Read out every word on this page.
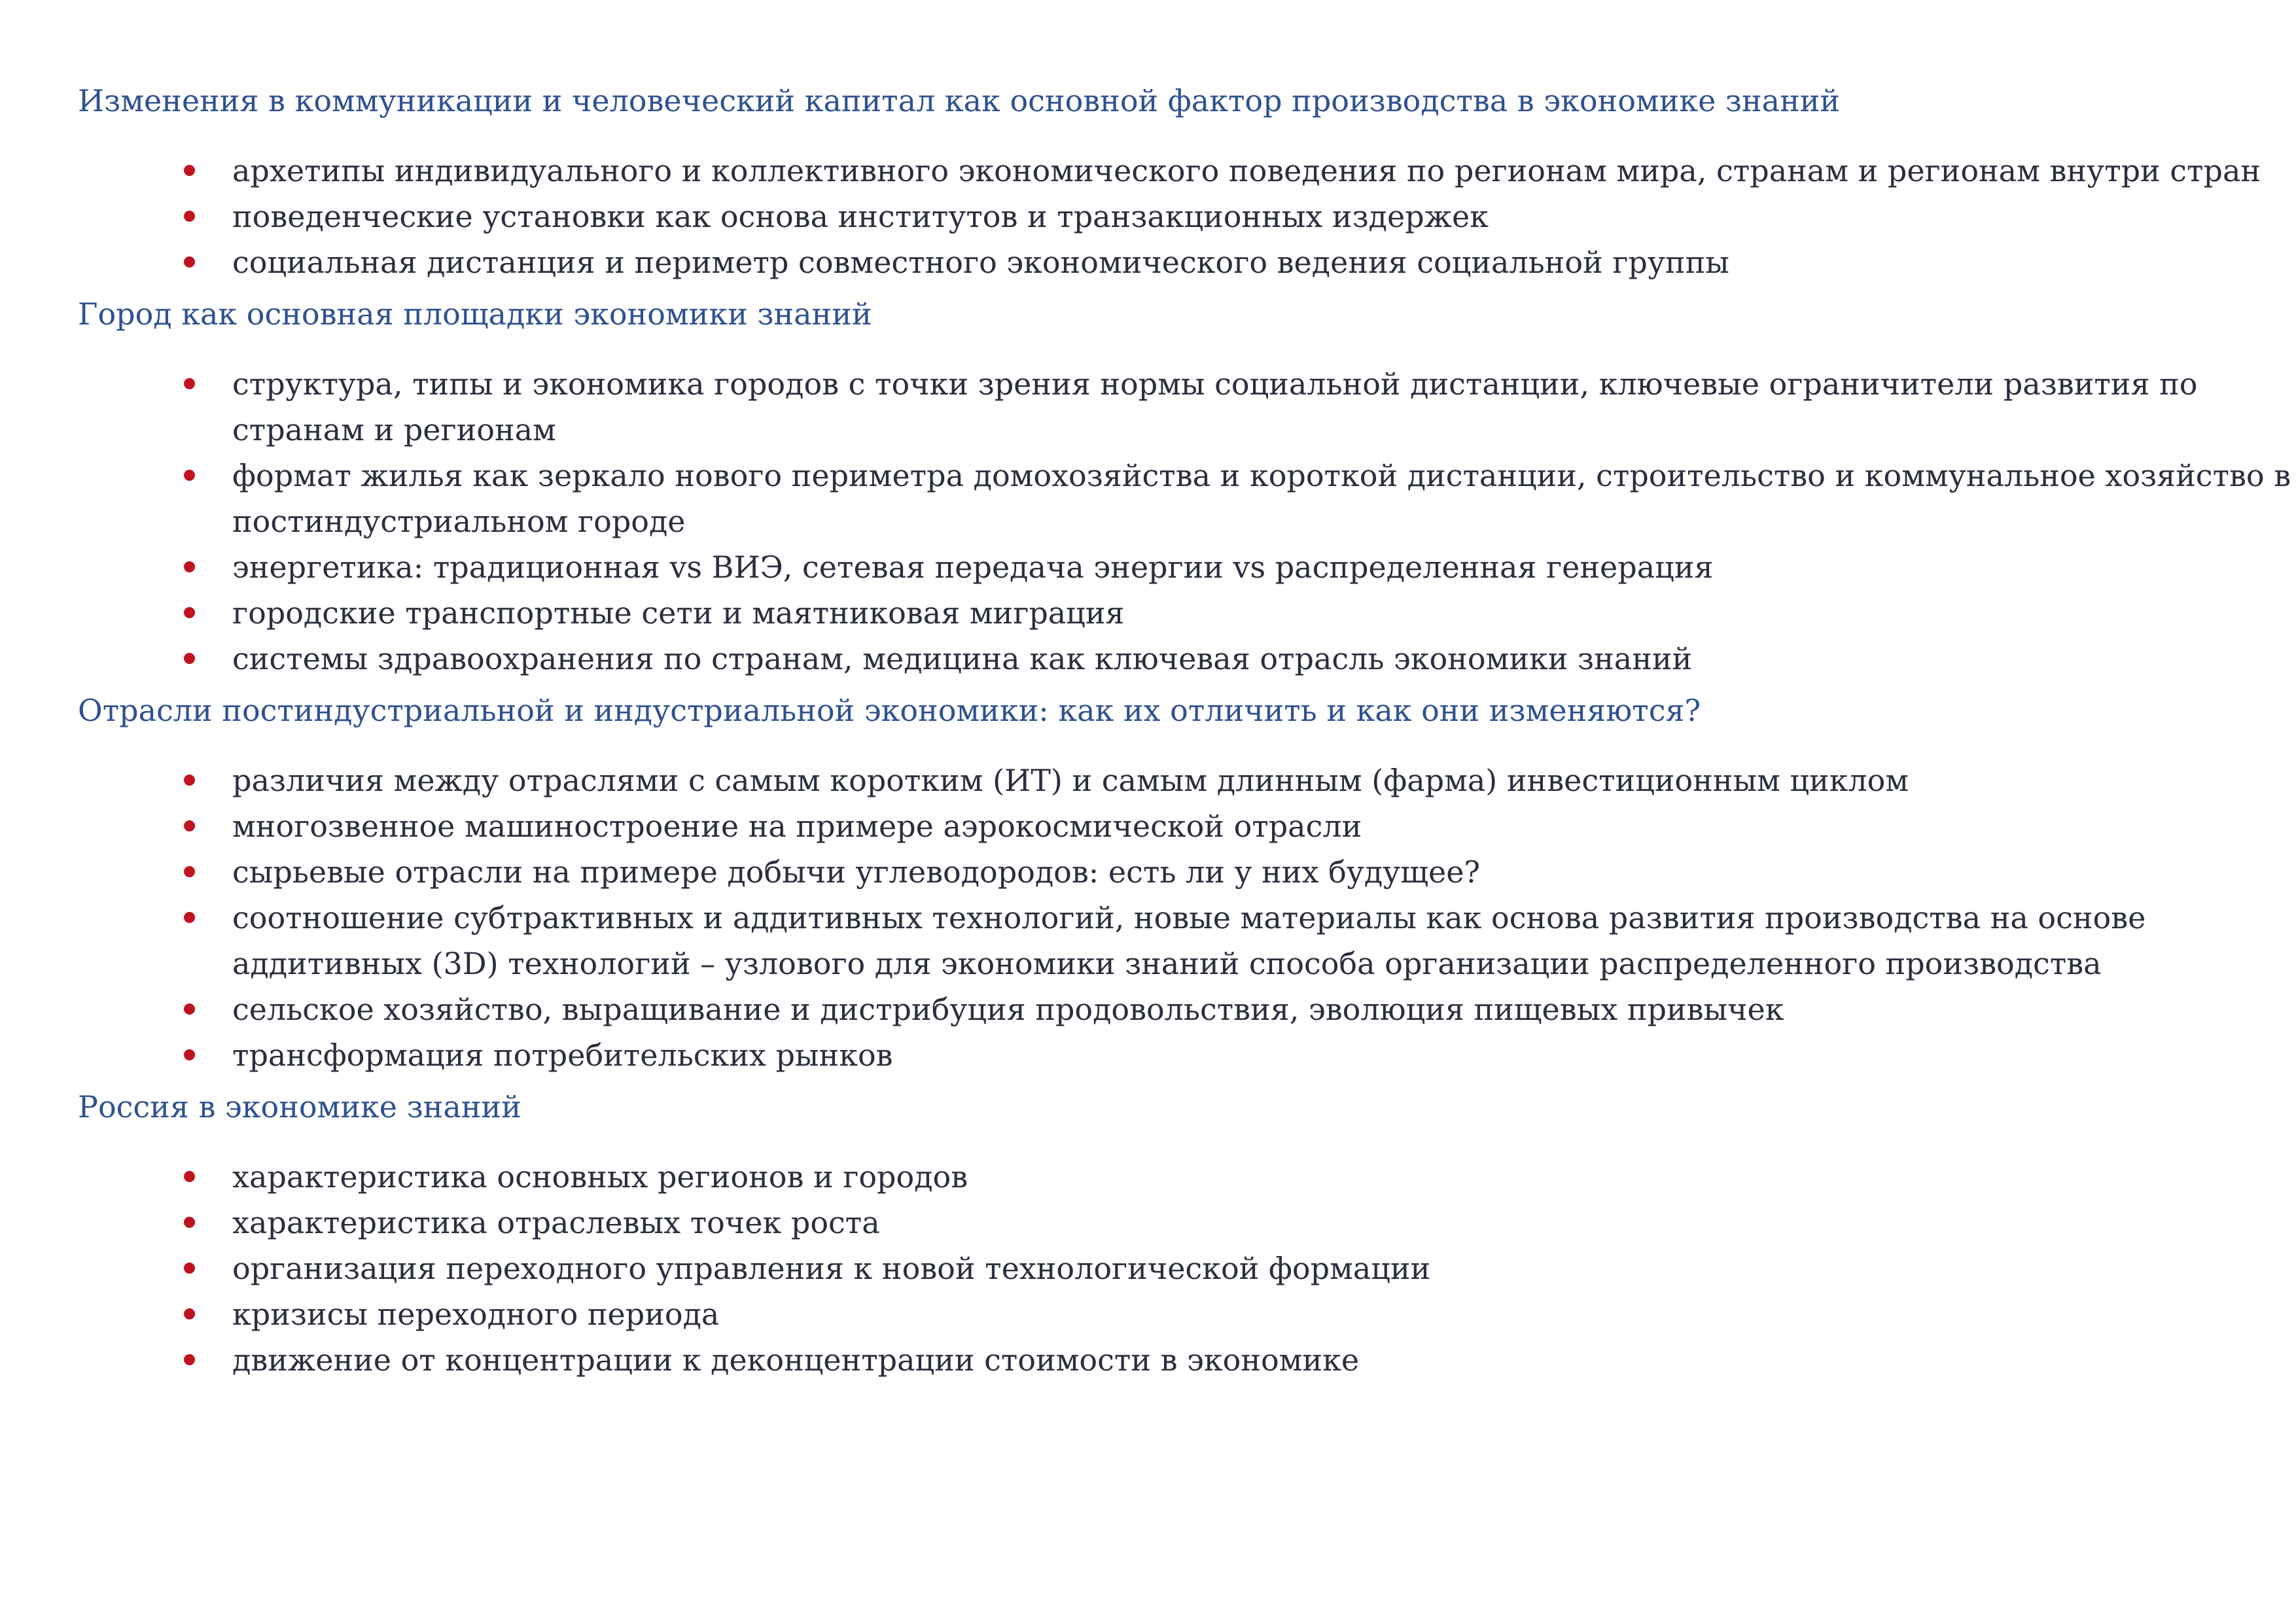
Изменения в коммуникации и человеческий капитал как основной фактор производства в экономике знаний
архетипы индивидуального и коллективного экономического поведения по регионам мира, странам и регионам внутри стран
поведенческие установки как основа институтов и транзакционных издержек
социальная дистанция и периметр совместного экономического ведения социальной группы
Город как основная площадки экономики знаний
структура, типы и экономика городов с точки зрения нормы социальной дистанции, ключевые ограничители развития по странам и регионам
формат жилья как зеркало нового периметра домохозяйства и короткой дистанции, строительство и коммунальное хозяйство в постиндустриальном городе
энергетика: традиционная vs ВИЭ, сетевая передача энергии vs распределенная генерация
городские транспортные сети и маятниковая миграция
системы здравоохранения по странам, медицина как ключевая отрасль экономики знаний
Отрасли постиндустриальной и индустриальной экономики: как их отличить и как они изменяются?
различия между отраслями с самым коротким (ИТ) и самым длинным (фарма) инвестиционным циклом
многозвенное машиностроение на примере аэрокосмической отрасли
сырьевые отрасли на примере добычи углеводородов: есть ли у них будущее?
соотношение субтрактивных и аддитивных технологий, новые материалы как основа развития производства на основе аддитивных (3D) технологий – узлового для экономики знаний способа организации распределенного производства
сельское хозяйство, выращивание и дистрибуция продовольствия, эволюция пищевых привычек
трансформация потребительских рынков
Россия в экономике знаний
характеристика основных регионов и городов
характеристика отраслевых точек роста
организация переходного управления к новой технологической формации
кризисы переходного периода
движение от концентрации к деконцентрации стоимости в экономике
